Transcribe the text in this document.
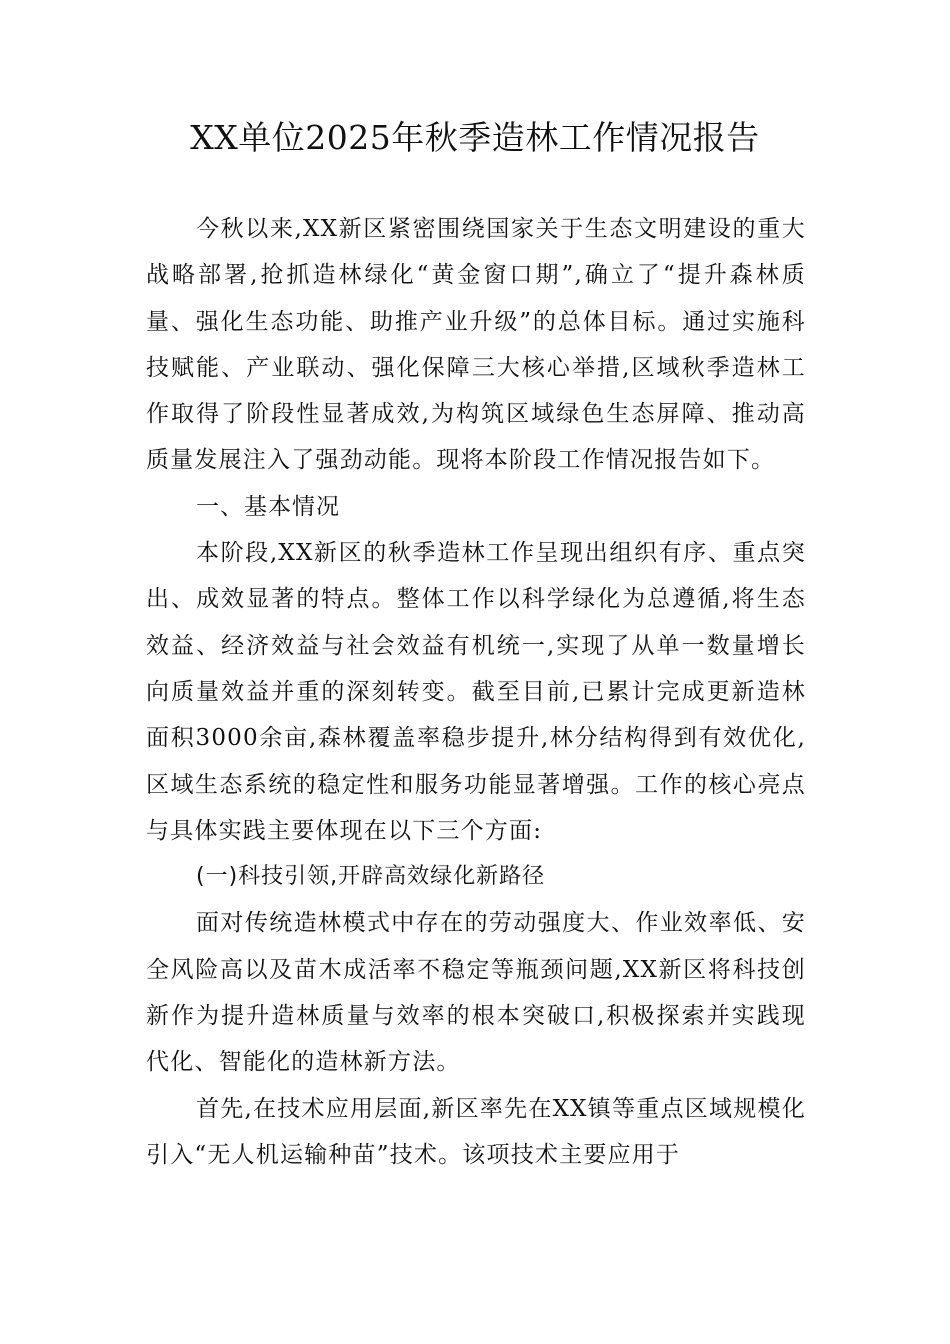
XX单位2025年秋季造林工作情况报告

今秋以来,XX新区紧密围绕国家关于生态文明建设的重大战略部署,抢抓造林绿化“黄金窗口期”,确立了“提升森林质量、强化生态功能、助推产业升级”的总体目标。通过实施科技赋能、产业联动、强化保障三大核心举措,区域秋季造林工作取得了阶段性显著成效,为构筑区域绿色生态屏障、推动高质量发展注入了强劲动能。现将本阶段工作情况报告如下。

一、基本情况

本阶段,XX新区的秋季造林工作呈现出组织有序、重点突出、成效显著的特点。整体工作以科学绿化为总遵循,将生态效益、经济效益与社会效益有机统一,实现了从单一数量增长向质量效益并重的深刻转变。截至目前,已累计完成更新造林面积3000余亩,森林覆盖率稳步提升,林分结构得到有效优化,区域生态系统的稳定性和服务功能显著增强。工作的核心亮点与具体实践主要体现在以下三个方面:

(一)科技引领,开辟高效绿化新路径

面对传统造林模式中存在的劳动强度大、作业效率低、安全风险高以及苗木成活率不稳定等瓶颈问题,XX新区将科技创新作为提升造林质量与效率的根本突破口,积极探索并实践现代化、智能化的造林新方法。

首先,在技术应用层面,新区率先在XX镇等重点区域规模化引入“无人机运输种苗”技术。该项技术主要应用于
